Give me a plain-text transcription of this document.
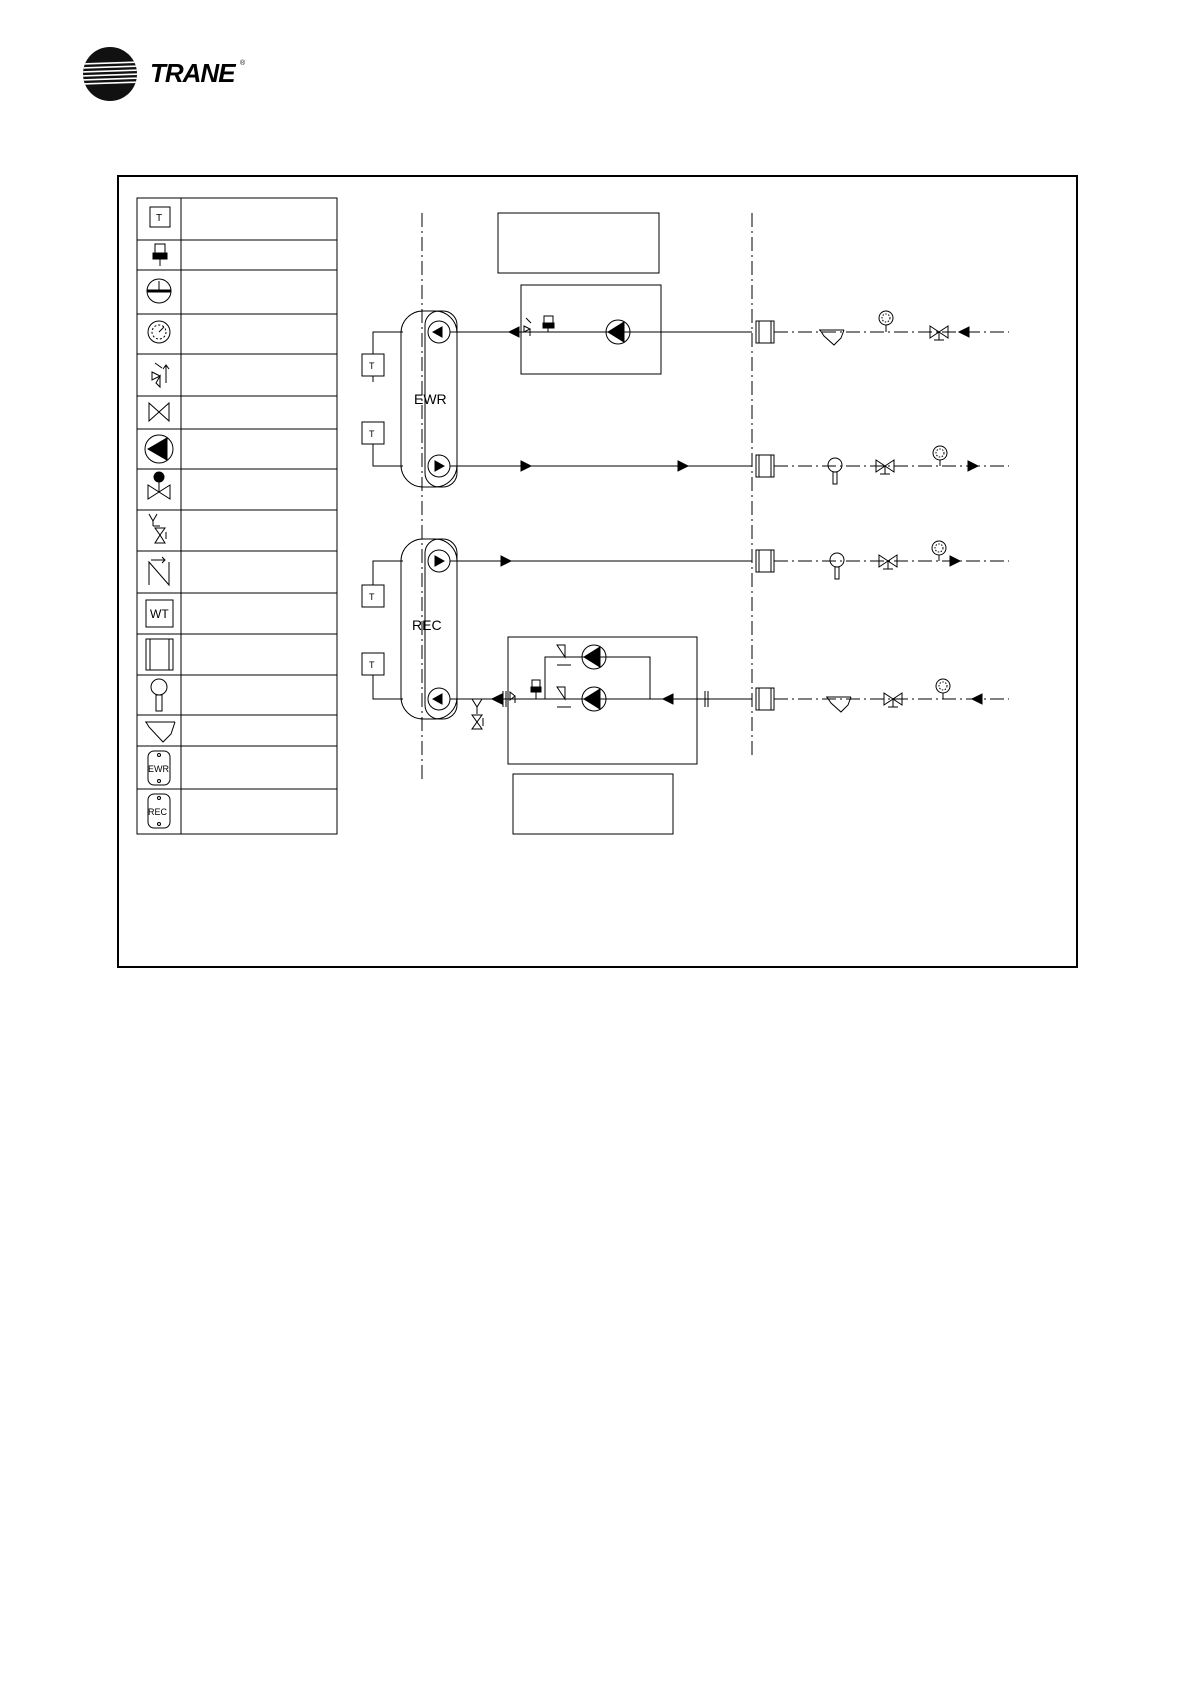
TRANE ®
EWR
REC
T
T
T
T
T
WT
EWR
REC
